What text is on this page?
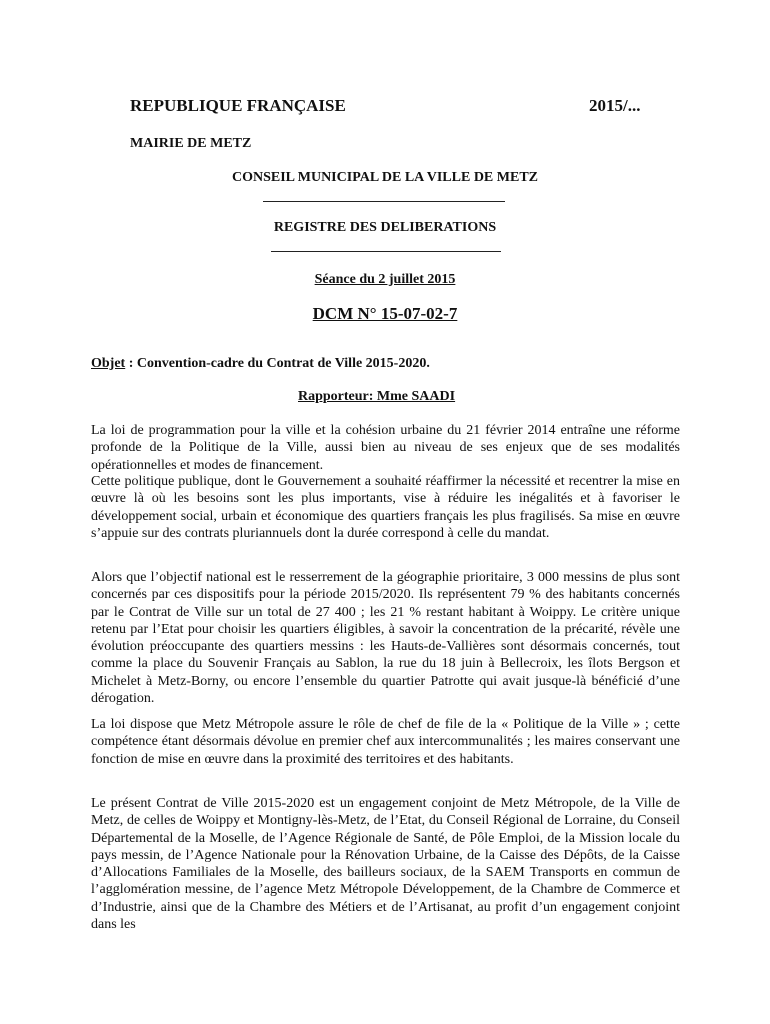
REPUBLIQUE FRANÇAISE	2015/...
MAIRIE DE METZ
CONSEIL MUNICIPAL DE LA VILLE DE METZ
REGISTRE DES DELIBERATIONS
Séance du 2 juillet 2015
DCM N° 15-07-02-7
Objet : Convention-cadre du Contrat de Ville 2015-2020.
Rapporteur: Mme SAADI
La loi de programmation pour la ville et la cohésion urbaine du 21 février 2014 entraîne une réforme profonde de la Politique de la Ville, aussi bien au niveau de ses enjeux que de ses modalités opérationnelles et modes de financement.
Cette politique publique, dont le Gouvernement a souhaité réaffirmer la nécessité et recentrer la mise en œuvre là où les besoins sont les plus importants, vise à réduire les inégalités et à favoriser le développement social, urbain et économique des quartiers français les plus fragilisés. Sa mise en œuvre s’appuie sur des contrats pluriannuels dont la durée correspond à celle du mandat.
Alors que l’objectif national est le resserrement de la géographie prioritaire, 3 000 messins de plus sont concernés par ces dispositifs pour la période 2015/2020. Ils représentent 79 % des habitants concernés par le Contrat de Ville sur un total de 27 400 ; les 21 % restant habitant à Woippy. Le critère unique retenu par l’Etat pour choisir les quartiers éligibles, à savoir la concentration de la précarité, révèle une évolution préoccupante des quartiers messins : les Hauts-de-Vallières sont désormais concernés, tout comme la place du Souvenir Français au Sablon, la rue du 18 juin à Bellecroix, les îlots Bergson et Michelet à Metz-Borny, ou encore l’ensemble du quartier Patrotte qui avait jusque-là bénéficié d’une dérogation.
La loi dispose que Metz Métropole assure le rôle de chef de file de la « Politique de la Ville » ; cette compétence étant désormais dévolue en premier chef aux intercommunalités ; les maires conservant une fonction de mise en œuvre dans la proximité des territoires et des habitants.
Le présent Contrat de Ville 2015-2020 est un engagement conjoint de Metz Métropole, de la Ville de Metz, de celles de Woippy et Montigny-lès-Metz, de l’Etat, du Conseil Régional de Lorraine, du Conseil Départemental de la Moselle, de l’Agence Régionale de Santé, de Pôle Emploi, de la Mission locale du pays messin, de l’Agence Nationale pour la Rénovation Urbaine, de la Caisse des Dépôts, de la Caisse d’Allocations Familiales de la Moselle, des bailleurs sociaux, de la SAEM Transports en commun de l’agglomération messine, de l’agence Metz Métropole Développement, de la Chambre de Commerce et d’Industrie, ainsi que de la Chambre des Métiers et de l’Artisanat, au profit d’un engagement conjoint dans les
